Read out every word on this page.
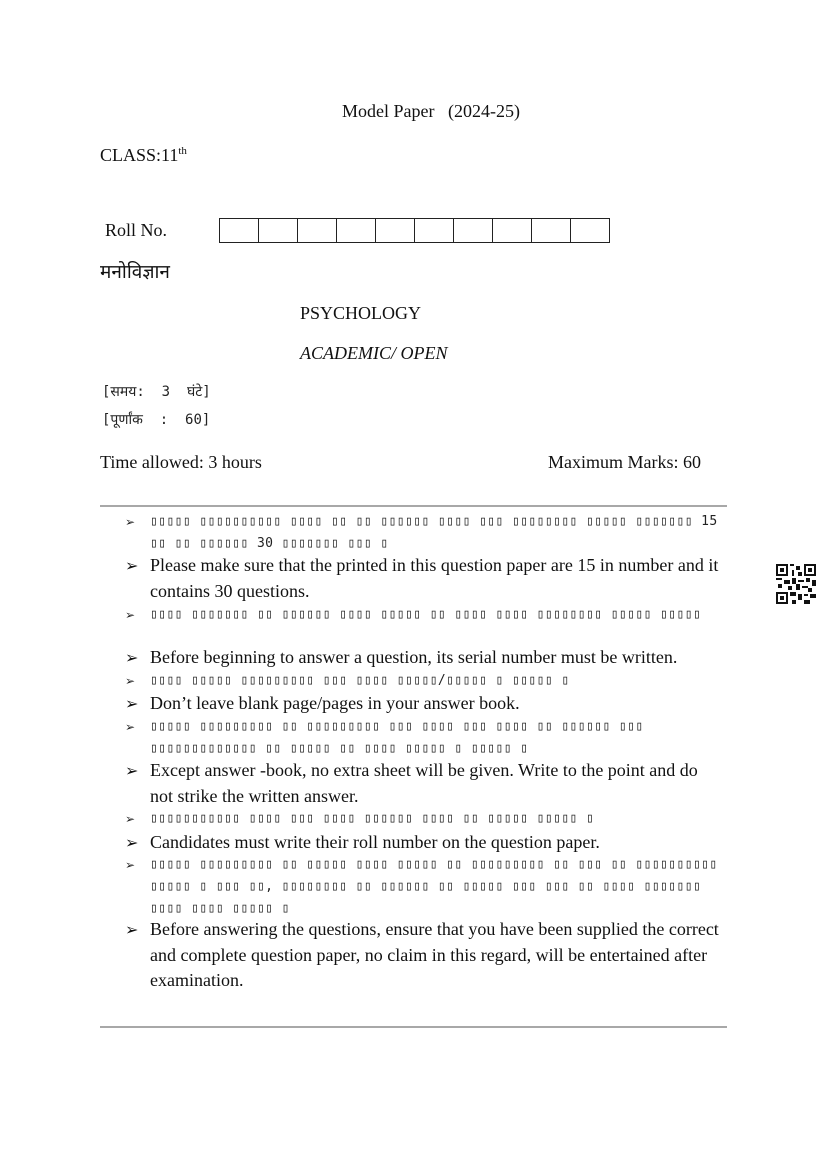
Model Paper   (2024-25)
CLASS:11th
Roll No.
मनोविज्ञान
PSYCHOLOGY
ACADEMIC/ OPEN
[समय:  3  घंटे]
[पूर्णांक  :  60]
Time allowed: 3 hours	Maximum Marks: 60
➢ ▯▯▯▯▯ ▯▯▯▯▯▯▯▯▯▯ ▯▯▯▯ ▯▯ ▯▯ ▯▯▯▯▯▯ ▯▯▯▯ ▯▯▯ ▯▯▯▯▯▯▯▯ ▯▯▯▯▯ ▯▯▯▯▯▯▯ 15 ▯▯ ▯▯ ▯▯▯▯▯▯ 30 ▯▯▯▯▯▯▯ ▯▯▯ ▯
➢ Please make sure that the printed in this question paper are 15 in number and it contains 30 questions.
➢ ▯▯▯▯ ▯▯▯▯▯▯▯ ▯▯ ▯▯▯▯▯▯ ▯▯▯▯ ▯▯▯▯▯ ▯▯ ▯▯▯▯ ▯▯▯▯ ▯▯▯▯▯▯▯▯ ▯▯▯▯▯ ▯▯▯▯▯
➢ Before beginning to answer a question, its serial number must be written.
➢ ▯▯▯▯ ▯▯▯▯▯ ▯▯▯▯▯▯▯▯▯ ▯▯▯ ▯▯▯▯ ▯▯▯▯▯/▯▯▯▯▯ ▯ ▯▯▯▯▯ ▯
➢ Don’t leave blank page/pages in your answer book.
➢ ▯▯▯▯▯ ▯▯▯▯▯▯▯▯▯ ▯▯ ▯▯▯▯▯▯▯▯▯ ▯▯▯ ▯▯▯▯ ▯▯▯ ▯▯▯▯ ▯▯ ▯▯▯▯▯▯ ▯▯▯ ▯▯▯▯▯▯▯▯▯▯▯▯▯ ▯▯ ▯▯▯▯▯ ▯▯ ▯▯▯▯ ▯▯▯▯▯ ▯ ▯▯▯▯▯ ▯
➢ Except answer -book, no extra sheet will be given. Write to the point and do not strike the written answer.
➢ ▯▯▯▯▯▯▯▯▯▯▯ ▯▯▯▯ ▯▯▯ ▯▯▯▯ ▯▯▯▯▯▯ ▯▯▯▯ ▯▯ ▯▯▯▯▯ ▯▯▯▯▯ ▯
➢ Candidates must write their roll number on the question paper.
➢ ▯▯▯▯▯ ▯▯▯▯▯▯▯▯▯ ▯▯ ▯▯▯▯▯ ▯▯▯▯ ▯▯▯▯▯ ▯▯ ▯▯▯▯▯▯▯▯▯ ▯▯ ▯▯▯ ▯▯ ▯▯▯▯▯▯▯▯▯▯ ▯▯▯▯▯ ▯ ▯▯▯ ▯▯, ▯▯▯▯▯▯▯▯ ▯▯ ▯▯▯▯▯▯ ▯▯ ▯▯▯▯▯ ▯▯▯ ▯▯▯ ▯▯ ▯▯▯▯ ▯▯▯▯▯▯▯ ▯▯▯▯ ▯▯▯▯ ▯▯▯▯▯ ▯
➢ Before answering the questions, ensure that you have been supplied the correct and complete question paper, no claim in this regard, will be entertained after examination.
